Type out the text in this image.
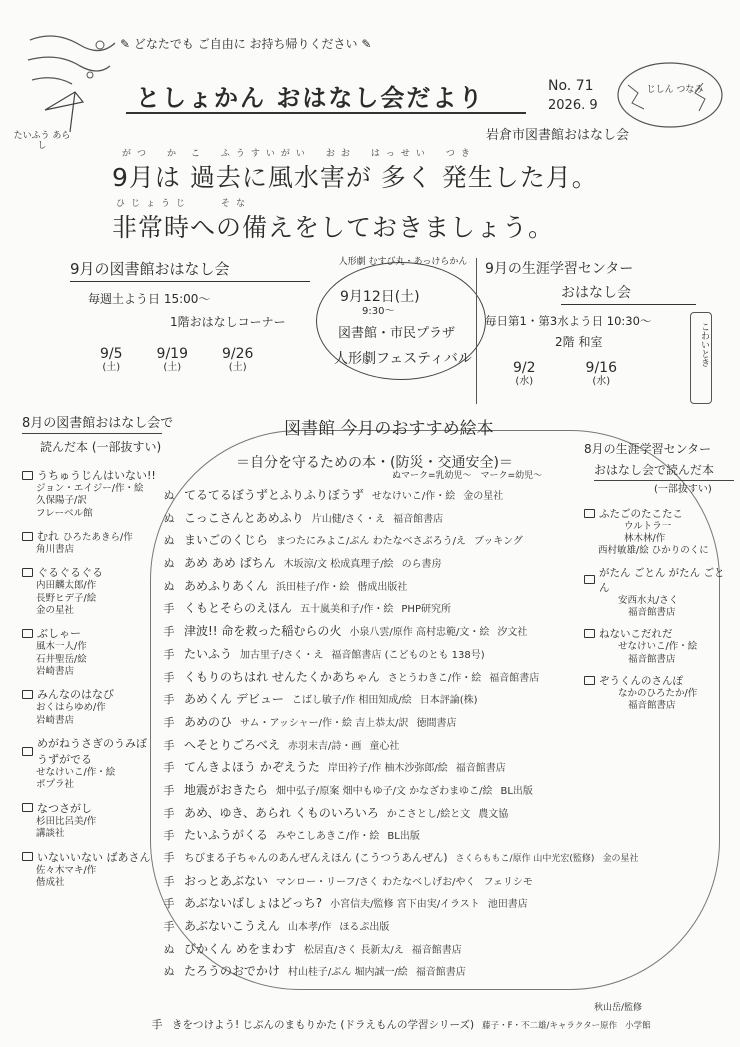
✎ どなたでも ご自由に お持ち帰りください ✎
たいふう あらし
じしん つなみ
としょかん おはなし会だより	No. 71
2026. 9
岩倉市図書館おはなし会
がつ　か こ　ふうすいがい　おお　はっせい　つき
9月は 過去に風水害が 多く 発生した月。
ひじょうじ　　そな
非常時への備えをしておきましょう。
9月の図書館おはなし会
毎週土よう日 15:00〜
1階おはなしコーナー
9/5
(土)
9/19
(土)
9/26
(土)
人形劇 むすび丸・あっけらかん
9月12日(土)
9:30〜
図書館・市民プラザ
人形劇フェスティバル
9月の生涯学習センター
おはなし会
毎日第1・第3水よう日 10:30〜
2階 和室
9/2
(水)
9/16
(水)
こわいとき
8月の図書館おはなし会で
読んだ本 (一部抜すい)
うちゅうじんはいない!!
ジョン・エイジー/作・絵
久保陽子/訳
フレーベル館
むれ ひろたあきら/作
角川書店
ぐるぐるぐる
内田麟太郎/作
長野ヒデ子/絵
金の星社
ぶしゃー
風木一人/作
石井聖岳/絵
岩崎書店
みんなのはなび
おくはらゆめ/作
岩崎書店
めがねうさぎのうみぼうずがでる
せなけいこ/作・絵
ポプラ社
なつさがし
杉田比呂美/作
講談社
いないいない ばあさん
佐々木マキ/作
偕成社
図書館 今月のおすすめ絵本
＝自分を守るための本・(防災・交通安全)＝
ぬマーク=乳幼児〜　マーク=幼児〜
ぬ てるてるぼうずとふりふりぼうず せなけいこ/作・絵 金の星社
ぬ こっこさんとあめふり 片山健/さく・え 福音館書店
ぬ まいごのくじら まつたにみよこ/ぶん わたなべさぶろう/え ブッキング
ぬ あめ あめ ぱちん 木坂涼/文 松成真理子/絵 のら書房
ぬ あめふりあくん 浜田桂子/作・絵 偕成出版社
手 くもとそらのえほん 五十嵐美和子/作・絵 PHP研究所
手 津波!! 命を救った稲むらの火 小泉八雲/原作 高村忠範/文・絵 汐文社
手 たいふう 加古里子/さく・え 福音館書店 (こどものとも 138号)
手 くもりのちはれ せんたくかあちゃん さとうわきこ/作・絵 福音館書店
手 あめくん デビュー こばし敏子/作 相田知成/絵 日本評論(株)
手 あめのひ サム・アッシャー/作・絵 吉上恭太/訳 徳間書店
手 へそとりごろべえ 赤羽末吉/詩・画 童心社
手 てんきよほう かぞえうた 岸田衿子/作 柚木沙弥郎/絵 福音館書店
手 地震がおきたら 畑中弘子/原案 畑中もゆ子/文 かなざわまゆこ/絵 BL出版
手 あめ、ゆき、あられ くものいろいろ かこさとし/絵と文 農文協
手 たいふうがくる みやこしあきこ/作・絵 BL出版
手 ちびまる子ちゃんのあんぜんえほん (こうつうあんぜん) さくらももこ/原作 山中光宏(監修) 金の星社
手 おっとあぶない マンロー・リーフ/さく わたなべしげお/やく フェリシモ
手 あぶないばしょはどっち? 小宮信夫/監修 宮下由実/イラスト 池田書店
手 あぶないこうえん 山本孝/作 ほるぷ出版
ぬ びかくん めをまわす 松居直/さく 長新太/え 福音館書店
ぬ たろうのおでかけ 村山桂子/ぶん 堀内誠一/絵 福音館書店
手 きをつけよう! じぶんのまもりかた (ドラえもんの学習シリーズ) 藤子・F・不二雄/キャラクター原作 小学館
秋山岳/監修
8月の生涯学習センター
おはなし会で読んだ本
(一部抜すい)
ふたごのたこたこ
ウルトラ一
林木林/作
西村敏雄/絵 ひかりのくに
がたん ごとん がたん ごとん
安西水丸/さく
福音館書店
ねないこだれだ
せなけいこ/作・絵
福音館書店
ぞうくんのさんぽ
なかのひろたか/作
福音館書店
